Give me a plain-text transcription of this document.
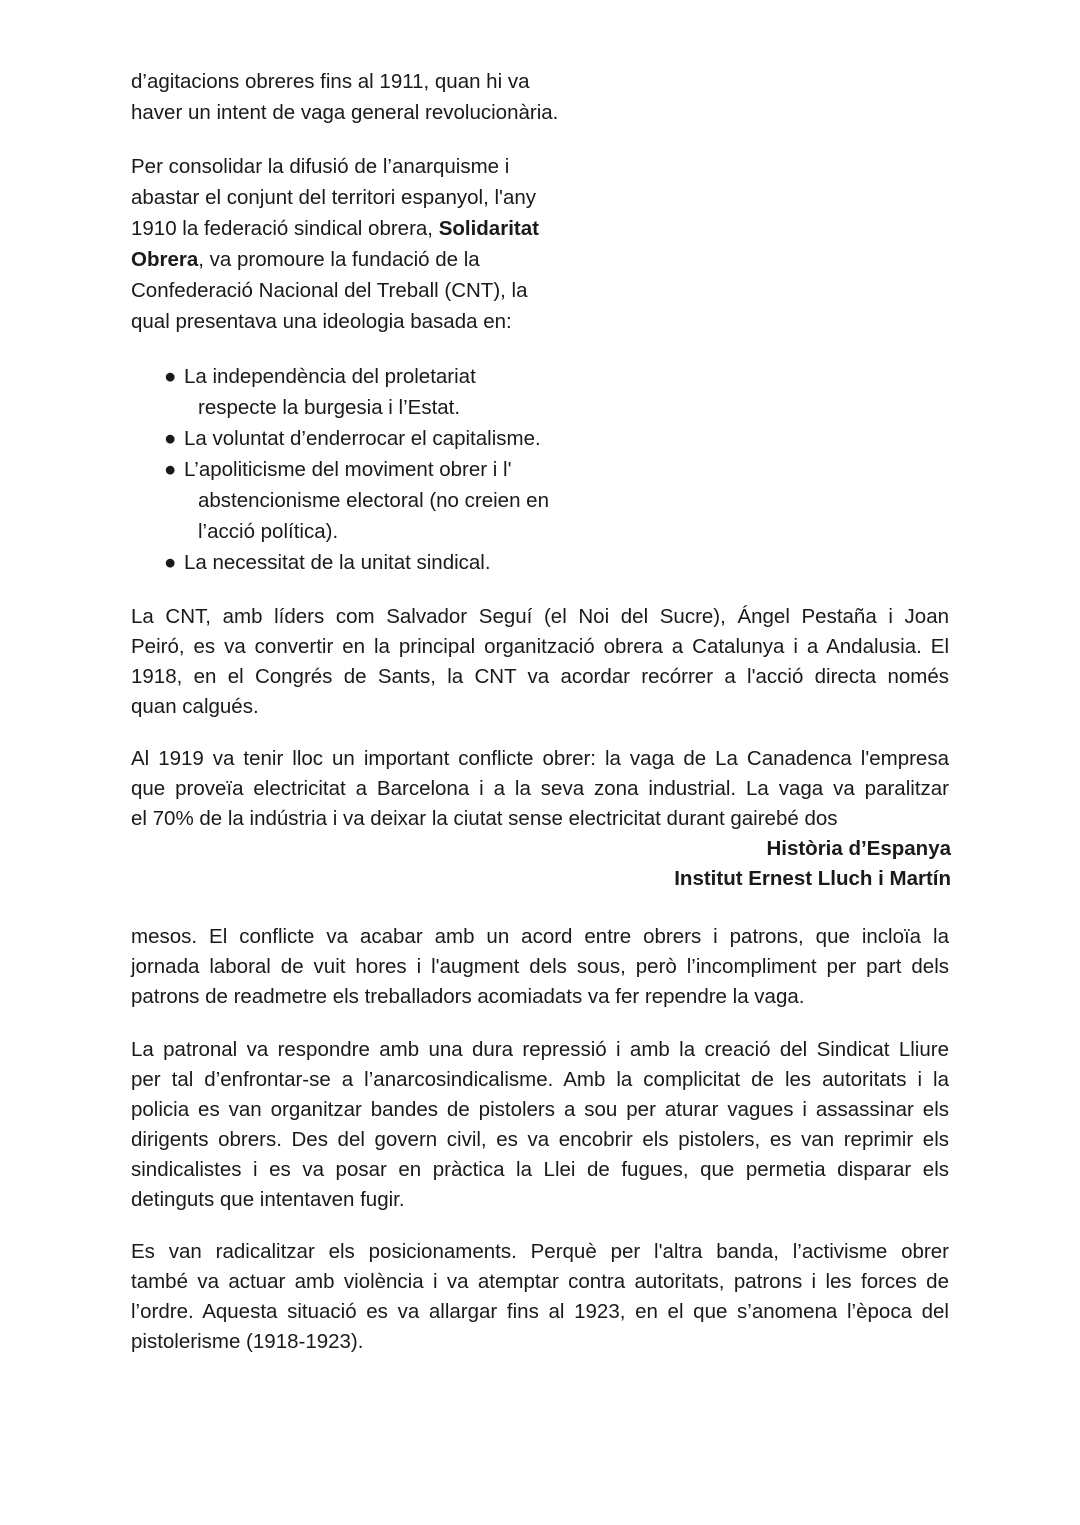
d’agitacions obreres fins al 1911, quan hi va
haver un intent de vaga general revolucionària.

Per consolidar la difusió de l’anarquisme i
abastar el conjunt del territori espanyol, l'any
1910 la federació sindical obrera, Solidaritat
Obrera, va promoure la fundació de la
Confederació Nacional del Treball (CNT), la
qual presentava una ideologia basada en:

● La independència del proletariat
respecte la burgesia i l’Estat.
● La voluntat d’enderrocar el capitalisme.
● L’apoliticisme del moviment obrer i l'
abstencionisme electoral (no creien en
l’acció política).
● La necessitat de la unitat sindical.

La CNT, amb líders com Salvador Seguí (el Noi del Sucre), Ángel Pestaña i Joan
Peiró, es va convertir en la principal organització obrera a Catalunya i a Andalusia. El
1918, en el Congrés de Sants, la CNT va acordar recórrer a l'acció directa només
quan calgués.

Al 1919 va tenir lloc un important conflicte obrer: la vaga de La Canadenca l'empresa
que proveïa electricitat a Barcelona i a la seva zona industrial. La vaga va paralitzar
el 70% de la indústria i va deixar la ciutat sense electricitat durant gairebé dos

Història d’Espanya
Institut Ernest Lluch i Martín

mesos. El conflicte va acabar amb un acord entre obrers i patrons, que incloïa la
jornada laboral de vuit hores i l'augment dels sous, però l’incompliment per part dels
patrons de readmetre els treballadors acomiadats va fer rependre la vaga.

La patronal va respondre amb una dura repressió i amb la creació del Sindicat Lliure
per tal d’enfrontar-se a l’anarcosindicalisme. Amb la complicitat de les autoritats i la
policia es van organitzar bandes de pistolers a sou per aturar vagues i assassinar els
dirigents obrers. Des del govern civil, es va encobrir els pistolers, es van reprimir els
sindicalistes i es va posar en pràctica la Llei de fugues, que permetia disparar els
detinguts que intentaven fugir.

Es van radicalitzar els posicionaments. Perquè per l'altra banda, l’activisme obrer
també va actuar amb violència i va atemptar contra autoritats, patrons i les forces de
l’ordre. Aquesta situació es va allargar fins al 1923, en el que s’anomena l’època del
pistolerisme (1918-1923).
